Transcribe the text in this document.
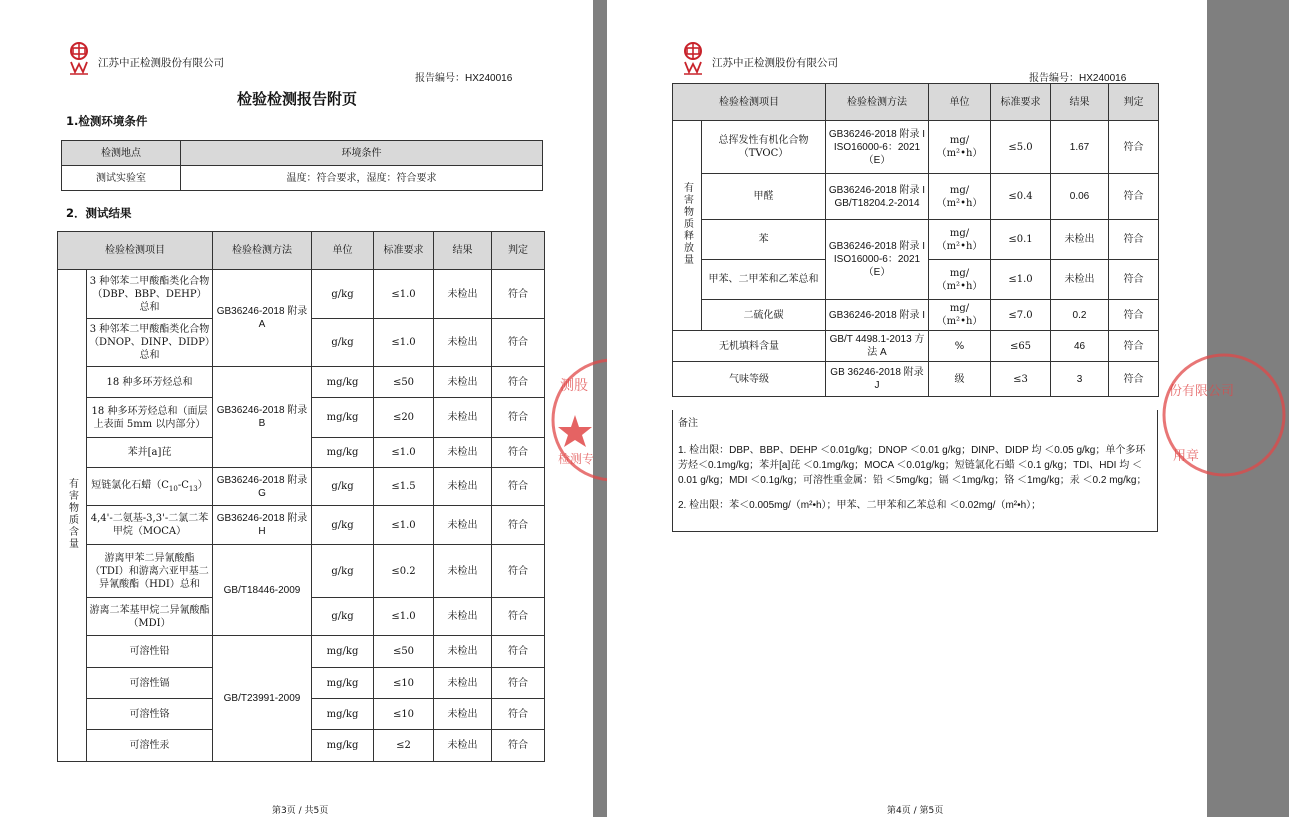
江苏中正检测股份有限公司
报告编号：HX240016
检验检测报告附页
1.检测环境条件
检测地点	环境条件
测试实验室	温度：符合要求，湿度：符合要求
2．测试结果
检验检测项目		检验检测方法	单位	标准要求	结果	判定
有害物质含量	3 种邻苯二甲酸酯类化合物（DBP、BBP、DEHP）总和	GB36246-2018 附录 A	g/kg	≤1.0	未检出	符合
	3 种邻苯二甲酸酯类化合物（DNOP、DINP、DIDP）总和		g/kg	≤1.0	未检出	符合
	18 种多环芳烃总和	GB36246-2018 附录 B	mg/kg	≤50	未检出	符合
	18 种多环芳烃总和（面层上表面 5mm 以内部分）		mg/kg	≤20	未检出	符合
	苯并[a]芘		mg/kg	≤1.0	未检出	符合
	短链氯化石蜡$(C_{10}-C_{13})$	GB36246-2018 附录 G	g/kg	≤1.5	未检出	符合
	4,4'-二氨基-3,3'-二氯二苯甲烷（MOCA）	GB36246-2018 附录 H	g/kg	≤1.0	未检出	符合
	游离甲苯二异氰酸酯（TDI）和游离六亚甲基二异氰酸酯（HDI）总和	GB/T18446-2009	g/kg	≤0.2	未检出	符合
	游离二苯基甲烷二异氰酸酯（MDI）		g/kg	≤1.0	未检出	符合
	可溶性铅	GB/T23991-2009	mg/kg	≤50	未检出	符合
	可溶性镉		mg/kg	≤10	未检出	符合
	可溶性铬		mg/kg	≤10	未检出	符合
	可溶性汞		mg/kg	≤2	未检出	符合
测股
检测专
第3页 / 共5页
江苏中正检测股份有限公司
报告编号：HX240016
份有限公司
用章
检验检测项目		检验检测方法	单位	标准要求	结果	判定
有害物质释放量	总挥发性有机化合物（TVOC）	GB36246-2018 附录 I ISO16000-6：2021（E）	mg/（m²•h）	≤5.0	1.67	符合
	甲醛	GB36246-2018 附录 I GB/T18204.2-2014	mg/（m²•h）	≤0.4	0.06	符合
	苯	GB36246-2018 附录 I ISO16000-6：2021（E）	mg/（m²•h）	≤0.1	未检出	符合
	甲苯、二甲苯和乙苯总和		mg/（m²•h）	≤1.0	未检出	符合
	二硫化碳	GB36246-2018 附录 I	mg/（m²•h）	≤7.0	0.2	符合
无机填料含量		GB/T 4498.1-2013 方法 A	%	≤65	46	符合
气味等级		GB 36246-2018 附录 J	级	≤3	3	符合
第4页 / 第5页

备注

1. 检出限：DBP、BBP、DEHP ＜0.01g/kg；DNOP ＜0.01 g/kg；DINP、DIDP 均 ＜0.05 g/kg；单个多环芳烃＜0.1mg/kg；苯并[a]芘 ＜0.1mg/kg；MOCA ＜0.01g/kg；短链氯化石蜡 ＜0.1 g/kg；TDI、HDI 均 ＜0.01 g/kg；MDI ＜0.1g/kg；可溶性重金属：铅 ＜5mg/kg；镉 ＜1mg/kg；铬 ＜1mg/kg；汞 ＜0.2 mg/kg；

2. 检出限：苯＜0.005mg/（m²•h）；甲苯、二甲苯和乙苯总和 ＜0.02mg/（m²•h）；
